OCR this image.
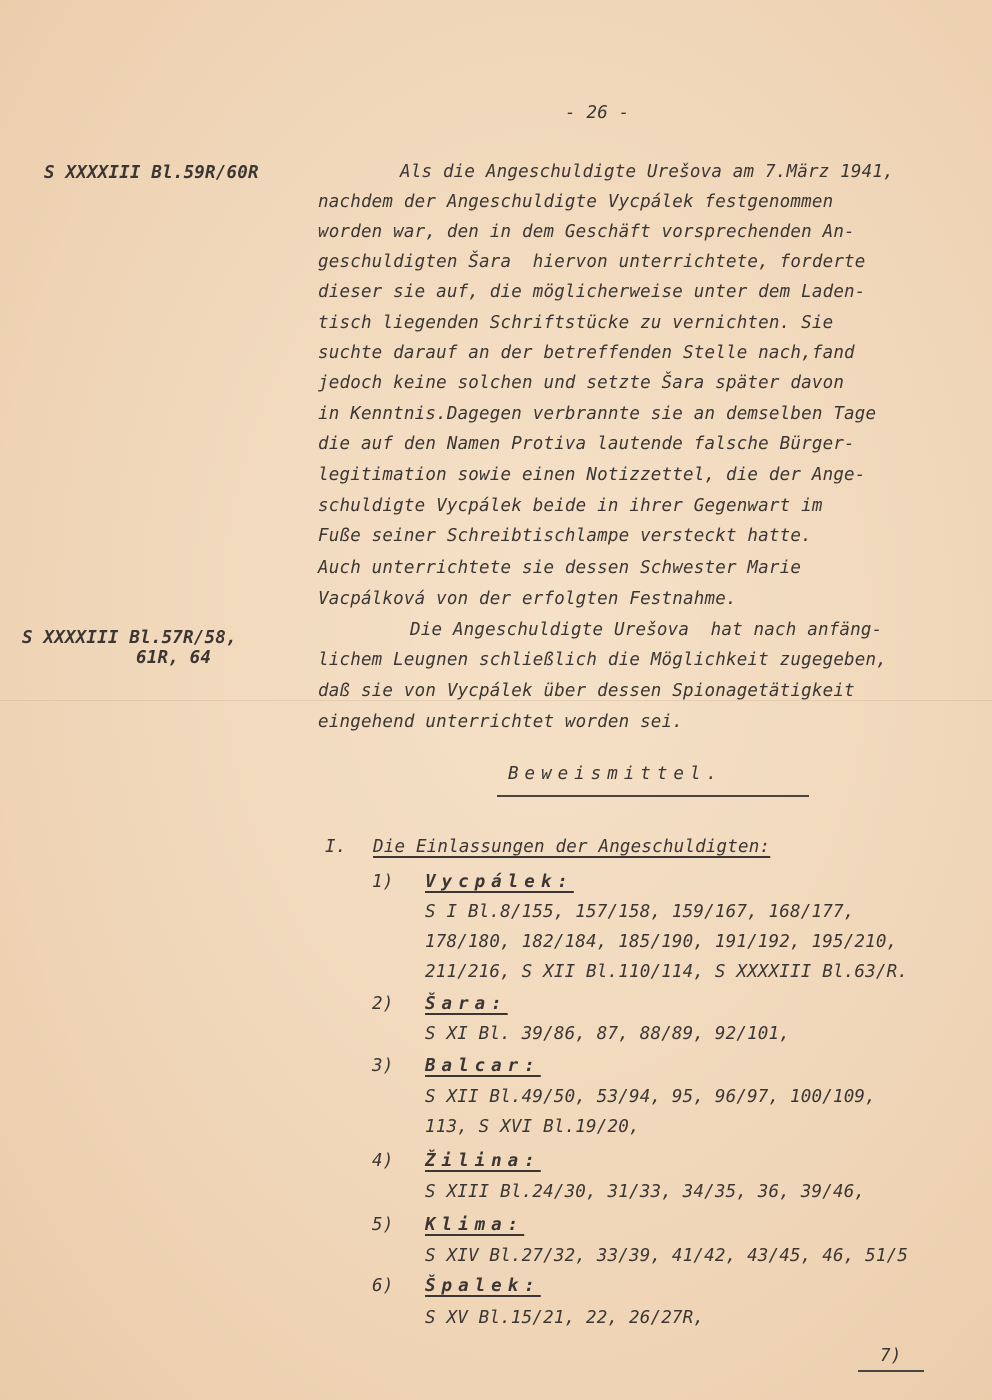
- 26 -
S XXXXIII Bl.59R/60R
S XXXXIII Bl.57R/58,
61R, 64
Als die Angeschuldigte Urešova am 7.März 1941,
nachdem der Angeschuldigte Vycpálek festgenommen
worden war, den in dem Geschäft vorsprechenden An-
geschuldigten Šara  hiervon unterrichtete, forderte
dieser sie auf, die möglicherweise unter dem Laden-
tisch liegenden Schriftstücke zu vernichten. Sie
suchte darauf an der betreffenden Stelle nach,fand
jedoch keine solchen und setzte Šara später davon
in Kenntnis.Dagegen verbrannte sie an demselben Tage
die auf den Namen Protiva lautende falsche Bürger-
legitimation sowie einen Notizzettel, die der Ange-
schuldigte Vycpálek beide in ihrer Gegenwart im
Fuße seiner Schreibtischlampe versteckt hatte.
Auch unterrichtete sie dessen Schwester Marie
Vacpálková von der erfolgten Festnahme.
Die Angeschuldigte Urešova  hat nach anfäng-
lichem Leugnen schließlich die Möglichkeit zugegeben,
daß sie von Vycpálek über dessen Spionagetätigkeit
eingehend unterrichtet worden sei.
Beweismittel.
I. Die Einlassungen der Angeschuldigten:
1) Vycpálek:
S I Bl.8/155, 157/158, 159/167, 168/177,
178/180, 182/184, 185/190, 191/192, 195/210,
211/216, S XII Bl.110/114, S XXXXIII Bl.63/R.
2) Šara:
S XI Bl. 39/86, 87, 88/89, 92/101,
3) Balcar:
S XII Bl.49/50, 53/94, 95, 96/97, 100/109,
113, S XVI Bl.19/20,
4) Žilina:
S XIII Bl.24/30, 31/33, 34/35, 36, 39/46,
5) Klima:
S XIV Bl.27/32, 33/39, 41/42, 43/45, 46, 51/5
6) Špalek:
S XV Bl.15/21, 22, 26/27R,
7)
